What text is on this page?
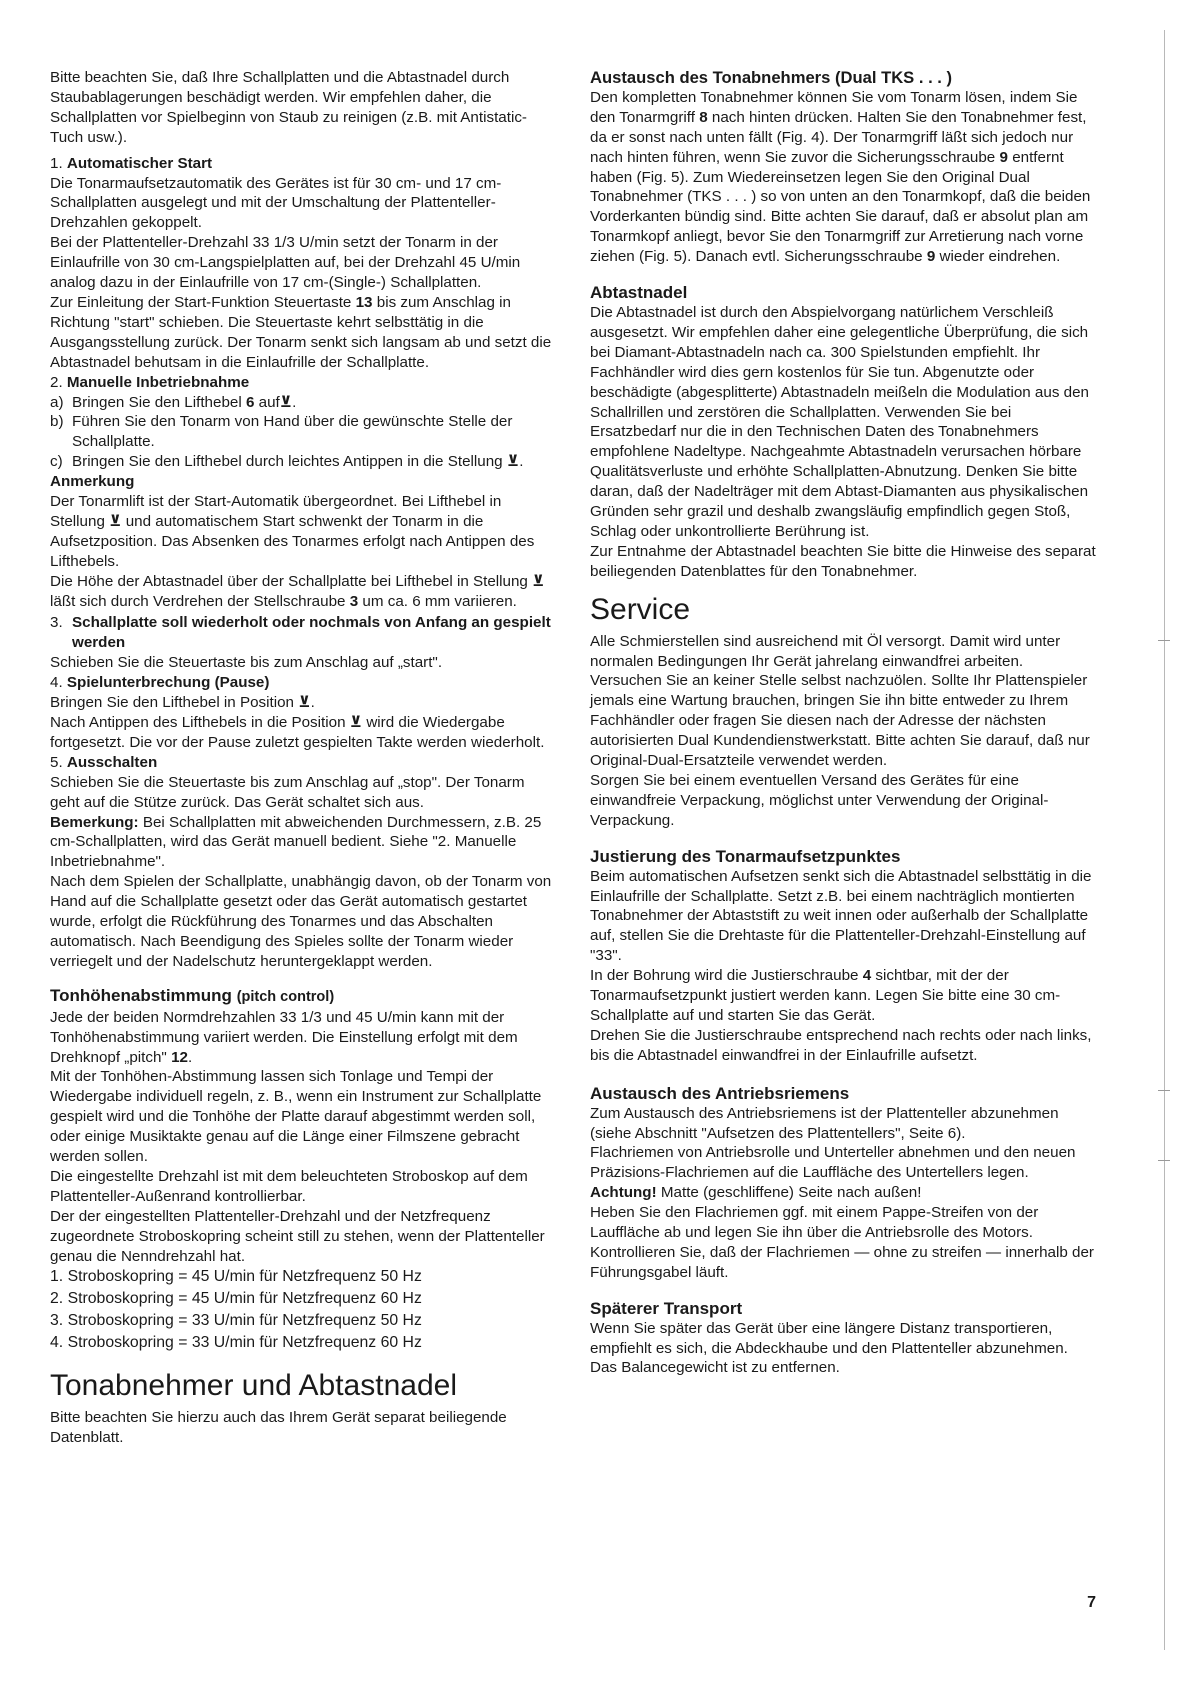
Bitte beachten Sie, daß Ihre Schallplatten und die Abtastnadel durch Staubablagerungen beschädigt werden. Wir empfehlen daher, die Schallplatten vor Spielbeginn von Staub zu reinigen (z.B. mit Antistatic-Tuch usw.).

1. Automatischer Start

Die Tonarmaufsetzautomatik des Gerätes ist für 30 cm- und 17 cm-Schallplatten ausgelegt und mit der Umschaltung der Plattenteller-Drehzahlen gekoppelt.

Bei der Plattenteller-Drehzahl 33 1/3 U/min setzt der Tonarm in der Einlaufrille von 30 cm-Langspielplatten auf, bei der Drehzahl 45 U/min analog dazu in der Einlaufrille von 17 cm-(Single-) Schallplatten.

Zur Einleitung der Start-Funktion Steuertaste 13 bis zum Anschlag in Richtung "start" schieben. Die Steuertaste kehrt selbsttätig in die Ausgangsstellung zurück. Der Tonarm senkt sich langsam ab und setzt die Abtastnadel behutsam in die Einlaufrille der Schallplatte.

2. Manuelle Inbetriebnahme

a) Bringen Sie den Lifthebel 6 auf⊻.
b) Führen Sie den Tonarm von Hand über die gewünschte Stelle der Schallplatte.
c) Bringen Sie den Lifthebel durch leichtes Antippen in die Stellung ⊻.

Anmerkung

Der Tonarmlift ist der Start-Automatik übergeordnet. Bei Lifthebel in Stellung ⊻ und automatischem Start schwenkt der Tonarm in die Aufsetzposition. Das Absenken des Tonarmes erfolgt nach Antippen des Lifthebels.

Die Höhe der Abtastnadel über der Schallplatte bei Lifthebel in Stellung ⊻ läßt sich durch Verdrehen der Stellschraube 3 um ca. 6 mm variieren.

3. Schallplatte soll wiederholt oder nochmals von Anfang an gespielt werden

Schieben Sie die Steuertaste bis zum Anschlag auf „start".

4. Spielunterbrechung (Pause)

Bringen Sie den Lifthebel in Position ⊻.

Nach Antippen des Lifthebels in die Position ⊻ wird die Wiedergabe fortgesetzt. Die vor der Pause zuletzt gespielten Takte werden wiederholt.

5. Ausschalten

Schieben Sie die Steuertaste bis zum Anschlag auf „stop". Der Tonarm geht auf die Stütze zurück. Das Gerät schaltet sich aus.

Bemerkung: Bei Schallplatten mit abweichenden Durchmessern, z.B. 25 cm-Schallplatten, wird das Gerät manuell bedient. Siehe "2. Manuelle Inbetriebnahme".

Nach dem Spielen der Schallplatte, unabhängig davon, ob der Tonarm von Hand auf die Schallplatte gesetzt oder das Gerät automatisch gestartet wurde, erfolgt die Rückführung des Tonarmes und das Abschalten automatisch. Nach Beendigung des Spieles sollte der Tonarm wieder verriegelt und der Nadelschutz heruntergeklappt werden.

Tonhöhenabstimmung (pitch control)

Jede der beiden Normdrehzahlen 33 1/3 und 45 U/min kann mit der Tonhöhenabstimmung variiert werden. Die Einstellung erfolgt mit dem Drehknopf „pitch" 12.

Mit der Tonhöhen-Abstimmung lassen sich Tonlage und Tempi der Wiedergabe individuell regeln, z. B., wenn ein Instrument zur Schallplatte gespielt wird und die Tonhöhe der Platte darauf abgestimmt werden soll, oder einige Musiktakte genau auf die Länge einer Filmszene gebracht werden sollen.

Die eingestellte Drehzahl ist mit dem beleuchteten Stroboskop auf dem Plattenteller-Außenrand kontrollierbar.

Der der eingestellten Plattenteller-Drehzahl und der Netzfrequenz zugeordnete Stroboskopring scheint still zu stehen, wenn der Plattenteller genau die Nenndrehzahl hat.

1. Stroboskopring = 45 U/min für Netzfrequenz 50 Hz
2. Stroboskopring = 45 U/min für Netzfrequenz 60 Hz
3. Stroboskopring = 33 U/min für Netzfrequenz 50 Hz
4. Stroboskopring = 33 U/min für Netzfrequenz 60 Hz
Tonabnehmer und Abtastnadel

Bitte beachten Sie hierzu auch das Ihrem Gerät separat beiliegende Datenblatt.

Austausch des Tonabnehmers (Dual TKS . . . )

Den kompletten Tonabnehmer können Sie vom Tonarm lösen, indem Sie den Tonarmgriff 8 nach hinten drücken. Halten Sie den Tonabnehmer fest, da er sonst nach unten fällt (Fig. 4). Der Tonarmgriff läßt sich jedoch nur nach hinten führen, wenn Sie zuvor die Sicherungsschraube 9 entfernt haben (Fig. 5). Zum Wiedereinsetzen legen Sie den Original Dual Tonabnehmer (TKS . . . ) so von unten an den Tonarmkopf, daß die beiden Vorderkanten bündig sind. Bitte achten Sie darauf, daß er absolut plan am Tonarmkopf anliegt, bevor Sie den Tonarmgriff zur Arretierung nach vorne ziehen (Fig. 5). Danach evtl. Sicherungsschraube 9 wieder eindrehen.

Abtastnadel

Die Abtastnadel ist durch den Abspielvorgang natürlichem Verschleiß ausgesetzt. Wir empfehlen daher eine gelegentliche Überprüfung, die sich bei Diamant-Abtastnadeln nach ca. 300 Spielstunden empfiehlt. Ihr Fachhändler wird dies gern kostenlos für Sie tun. Abgenutzte oder beschädigte (abgesplitterte) Abtastnadeln meißeln die Modulation aus den Schallrillen und zerstören die Schallplatten. Verwenden Sie bei Ersatzbedarf nur die in den Technischen Daten des Tonabnehmers empfohlene Nadeltype. Nachgeahmte Abtastnadeln verursachen hörbare Qualitätsverluste und erhöhte Schallplatten-Abnutzung. Denken Sie bitte daran, daß der Nadelträger mit dem Abtast-Diamanten aus physikalischen Gründen sehr grazil und deshalb zwangsläufig empfindlich gegen Stoß, Schlag oder unkontrollierte Berührung ist.

Zur Entnahme der Abtastnadel beachten Sie bitte die Hinweise des separat beiliegenden Datenblattes für den Tonabnehmer.

Service

Alle Schmierstellen sind ausreichend mit Öl versorgt. Damit wird unter normalen Bedingungen Ihr Gerät jahrelang einwandfrei arbeiten. Versuchen Sie an keiner Stelle selbst nachzuölen. Sollte Ihr Plattenspieler jemals eine Wartung brauchen, bringen Sie ihn bitte entweder zu Ihrem Fachhändler oder fragen Sie diesen nach der Adresse der nächsten autorisierten Dual Kundendienstwerkstatt. Bitte achten Sie darauf, daß nur Original-Dual-Ersatzteile verwendet werden.

Sorgen Sie bei einem eventuellen Versand des Gerätes für eine einwandfreie Verpackung, möglichst unter Verwendung der Original-Verpackung.

Justierung des Tonarmaufsetzpunktes

Beim automatischen Aufsetzen senkt sich die Abtastnadel selbsttätig in die Einlaufrille der Schallplatte. Setzt z.B. bei einem nachträglich montierten Tonabnehmer der Abtaststift zu weit innen oder außerhalb der Schallplatte auf, stellen Sie die Drehtaste für die Plattenteller-Drehzahl-Einstellung auf "33".

In der Bohrung wird die Justierschraube 4 sichtbar, mit der der Tonarmaufsetzpunkt justiert werden kann. Legen Sie bitte eine 30 cm-Schallplatte auf und starten Sie das Gerät.

Drehen Sie die Justierschraube entsprechend nach rechts oder nach links, bis die Abtastnadel einwandfrei in der Einlaufrille aufsetzt.

Austausch des Antriebsriemens

Zum Austausch des Antriebsriemens ist der Plattenteller abzunehmen (siehe Abschnitt "Aufsetzen des Plattentellers", Seite 6).

Flachriemen von Antriebsrolle und Unterteller abnehmen und den neuen Präzisions-Flachriemen auf die Lauffläche des Untertellers legen.

Achtung! Matte (geschliffene) Seite nach außen!

Heben Sie den Flachriemen ggf. mit einem Pappe-Streifen von der Lauffläche ab und legen Sie ihn über die Antriebsrolle des Motors. Kontrollieren Sie, daß der Flachriemen — ohne zu streifen — innerhalb der Führungsgabel läuft.

Späterer Transport

Wenn Sie später das Gerät über eine längere Distanz transportieren, empfiehlt es sich, die Abdeckhaube und den Plattenteller abzunehmen. Das Balancegewicht ist zu entfernen.

7
